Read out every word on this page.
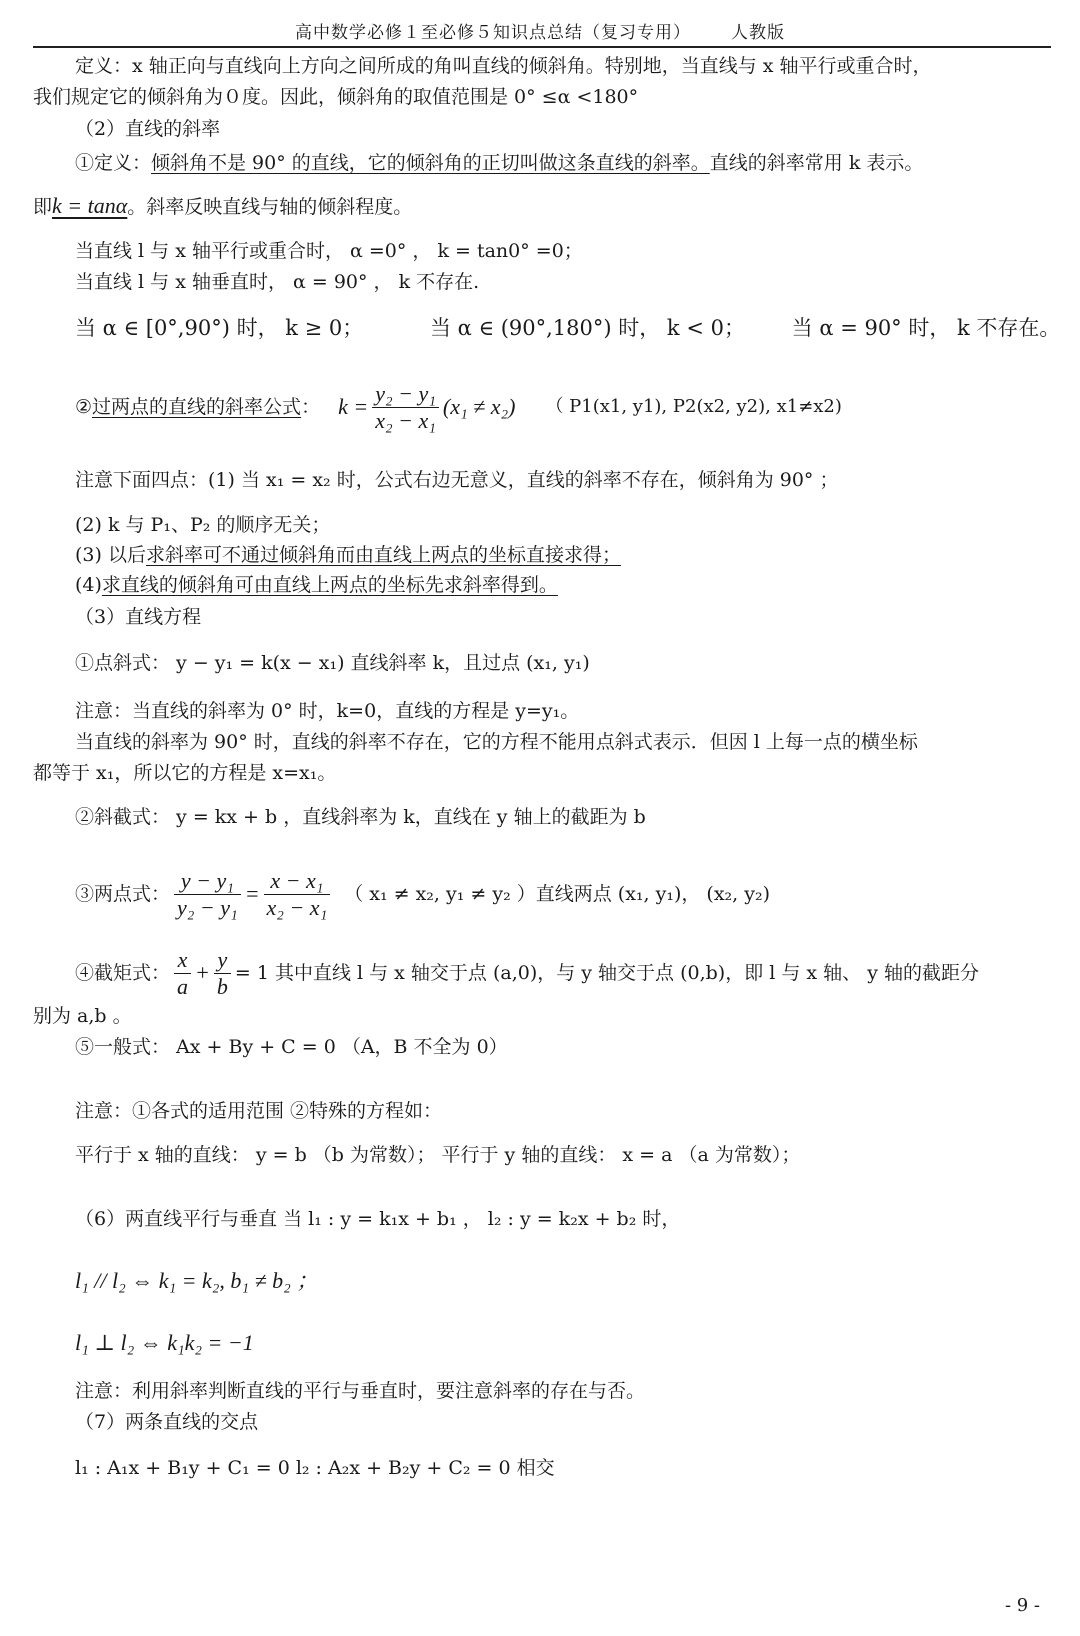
高中数学必修１至必修５知识点总结（复习专用） 人教版
定义：x 轴正向与直线向上方向之间所成的角叫直线的倾斜角。特别地，当直线与 x 轴平行或重合时，
我们规定它的倾斜角为０度。因此，倾斜角的取值范围是 0° ≤α <180°
（2）直线的斜率
①定义：倾斜角不是 90° 的直线，它的倾斜角的正切叫做这条直线的斜率。直线的斜率常用 k 表示。
即k = tanα。斜率反映直线与轴的倾斜程度。
当直线 l 与 x 轴平行或重合时， α =0° ， k = tan0° =0；
当直线 l 与 x 轴垂直时， α = 90° ， k 不存在.
当 α ∈ [0°,90°) 时， k ≥ 0；	当 α ∈ (90°,180°) 时， k < 0； 当 α = 90° 时， k 不存在。
② 过两点的直线的斜率公式 ： $k = \frac{\text{y₂ − y₁}}{\text{x₂ − x₁}} (x_1 \ne x_2)$ （ P1(x1, y1), P2(x2, y2), x1≠x2)
注意下面四点：(1) 当 x₁ = x₂ 时，公式右边无意义，直线的斜率不存在，倾斜角为 90° ；
(2) k 与 P₁、P₂ 的顺序无关；
(3) 以后求斜率可不通过倾斜角而由直线上两点的坐标直接求得；
(4)求直线的倾斜角可由直线上两点的坐标先求斜率得到。
（3）直线方程
①点斜式： y − y₁ = k(x − x₁) 直线斜率 k，且过点 (x₁, y₁)
注意：当直线的斜率为 0° 时，k=0，直线的方程是 y=y₁。
当直线的斜率为 90° 时，直线的斜率不存在，它的方程不能用点斜式表示．但因 l 上每一点的横坐标
都等于 x₁，所以它的方程是 x=x₁。
②斜截式： y = kx + b ，直线斜率为 k，直线在 y 轴上的截距为 b
③两点式： $\frac{\text{y − y₁}}{\text{y₂ − y₁}} = \frac{\text{x − x₁}}{\text{x₂ − x₁}}$ （ x₁ ≠ x₂, y₁ ≠ y₂ ）直线两点 (x₁, y₁)， (x₂, y₂)
④截矩式： $\frac{x}{a} + \frac{y}{b} = 1$ 其中直线 l 与 x 轴交于点 (a,0)，与 y 轴交于点 (0,b)，即 l 与 x 轴、 y 轴的截距分
别为 a,b 。
⑤一般式： Ax + By + C = 0 （A，B 不全为 0）
注意：①各式的适用范围 ②特殊的方程如：
平行于 x 轴的直线： y = b （b 为常数）； 平行于 y 轴的直线： x = a （a 为常数）；
（6）两直线平行与垂直 当 l₁ : y = k₁x + b₁ ， l₂ : y = k₂x + b₂ 时，
l₁ // l₂ ⇔ k₁ = k₂, b₁ ≠ b₂ ；
l₁ ⊥ l₂ ⇔ k₁k₂ = −1
注意：利用斜率判断直线的平行与垂直时，要注意斜率的存在与否。
（7）两条直线的交点
l₁ : A₁x + B₁y + C₁ = 0 l₂ : A₂x + B₂y + C₂ = 0 相交
- 9 -
